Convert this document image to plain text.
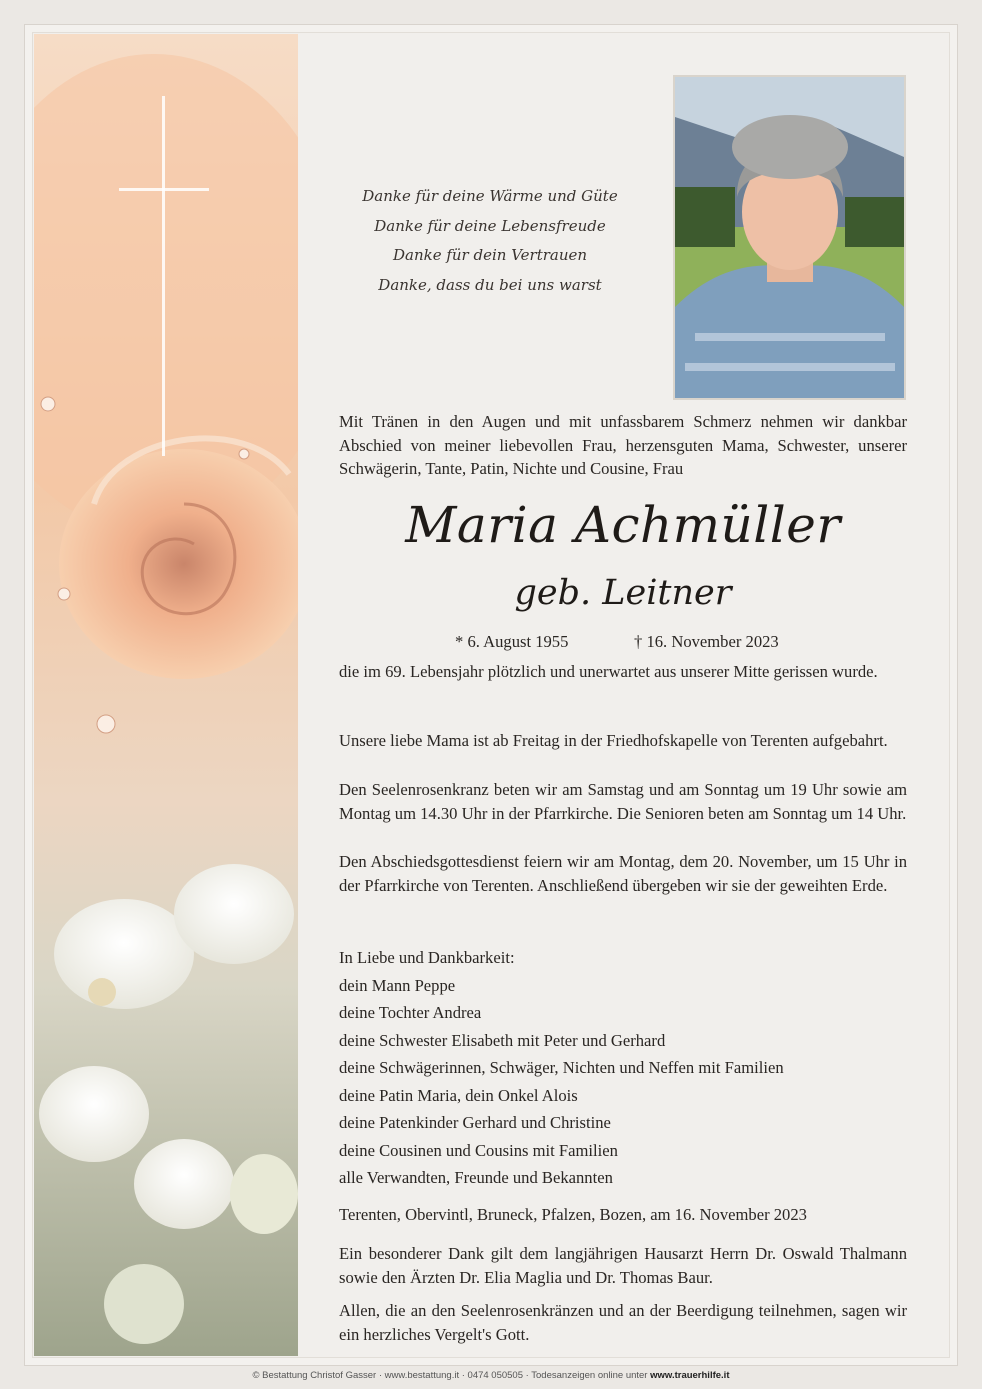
Danke für deine Wärme und Güte
Danke für deine Lebensfreude
Danke für dein Vertrauen
Danke, dass du bei uns warst

Mit Tränen in den Augen und mit unfassbarem Schmerz nehmen wir dankbar Abschied von meiner liebevollen Frau, herzensguten Mama, Schwester, unserer Schwägerin, Tante, Patin, Nichte und Cousine, Frau

Maria Achmüller
geb. Leitner
* 6. August 1955	† 16. November 2023

die im 69. Lebensjahr plötzlich und unerwartet aus unserer Mitte gerissen wurde.

Unsere liebe Mama ist ab Freitag in der Friedhofskapelle von Terenten aufgebahrt.

Den Seelenrosenkranz beten wir am Samstag und am Sonntag um 19 Uhr sowie am Montag um 14.30 Uhr in der Pfarrkirche. Die Senioren beten am Sonntag um 14 Uhr.

Den Abschiedsgottesdienst feiern wir am Montag, dem 20. November, um 15 Uhr in der Pfarrkirche von Terenten. Anschließend übergeben wir sie der geweihten Erde.

In Liebe und Dankbarkeit:
dein Mann Peppe
deine Tochter Andrea
deine Schwester Elisabeth mit Peter und Gerhard
deine Schwägerinnen, Schwäger, Nichten und Neffen mit Familien
deine Patin Maria, dein Onkel Alois
deine Patenkinder Gerhard und Christine
deine Cousinen und Cousins mit Familien
alle Verwandten, Freunde und Bekannten
Terenten, Obervintl, Bruneck, Pfalzen, Bozen, am 16. November 2023

Ein besonderer Dank gilt dem langjährigen Hausarzt Herrn Dr. Oswald Thalmann sowie den Ärzten Dr. Elia Maglia und Dr. Thomas Baur.

Allen, die an den Seelenrosenkränzen und an der Beerdigung teilnehmen, sagen wir ein herzliches Vergelt's Gott.

© Bestattung Christof Gasser · www.bestattung.it · 0474 050505 · Todesanzeigen online unter www.trauerhilfe.it
